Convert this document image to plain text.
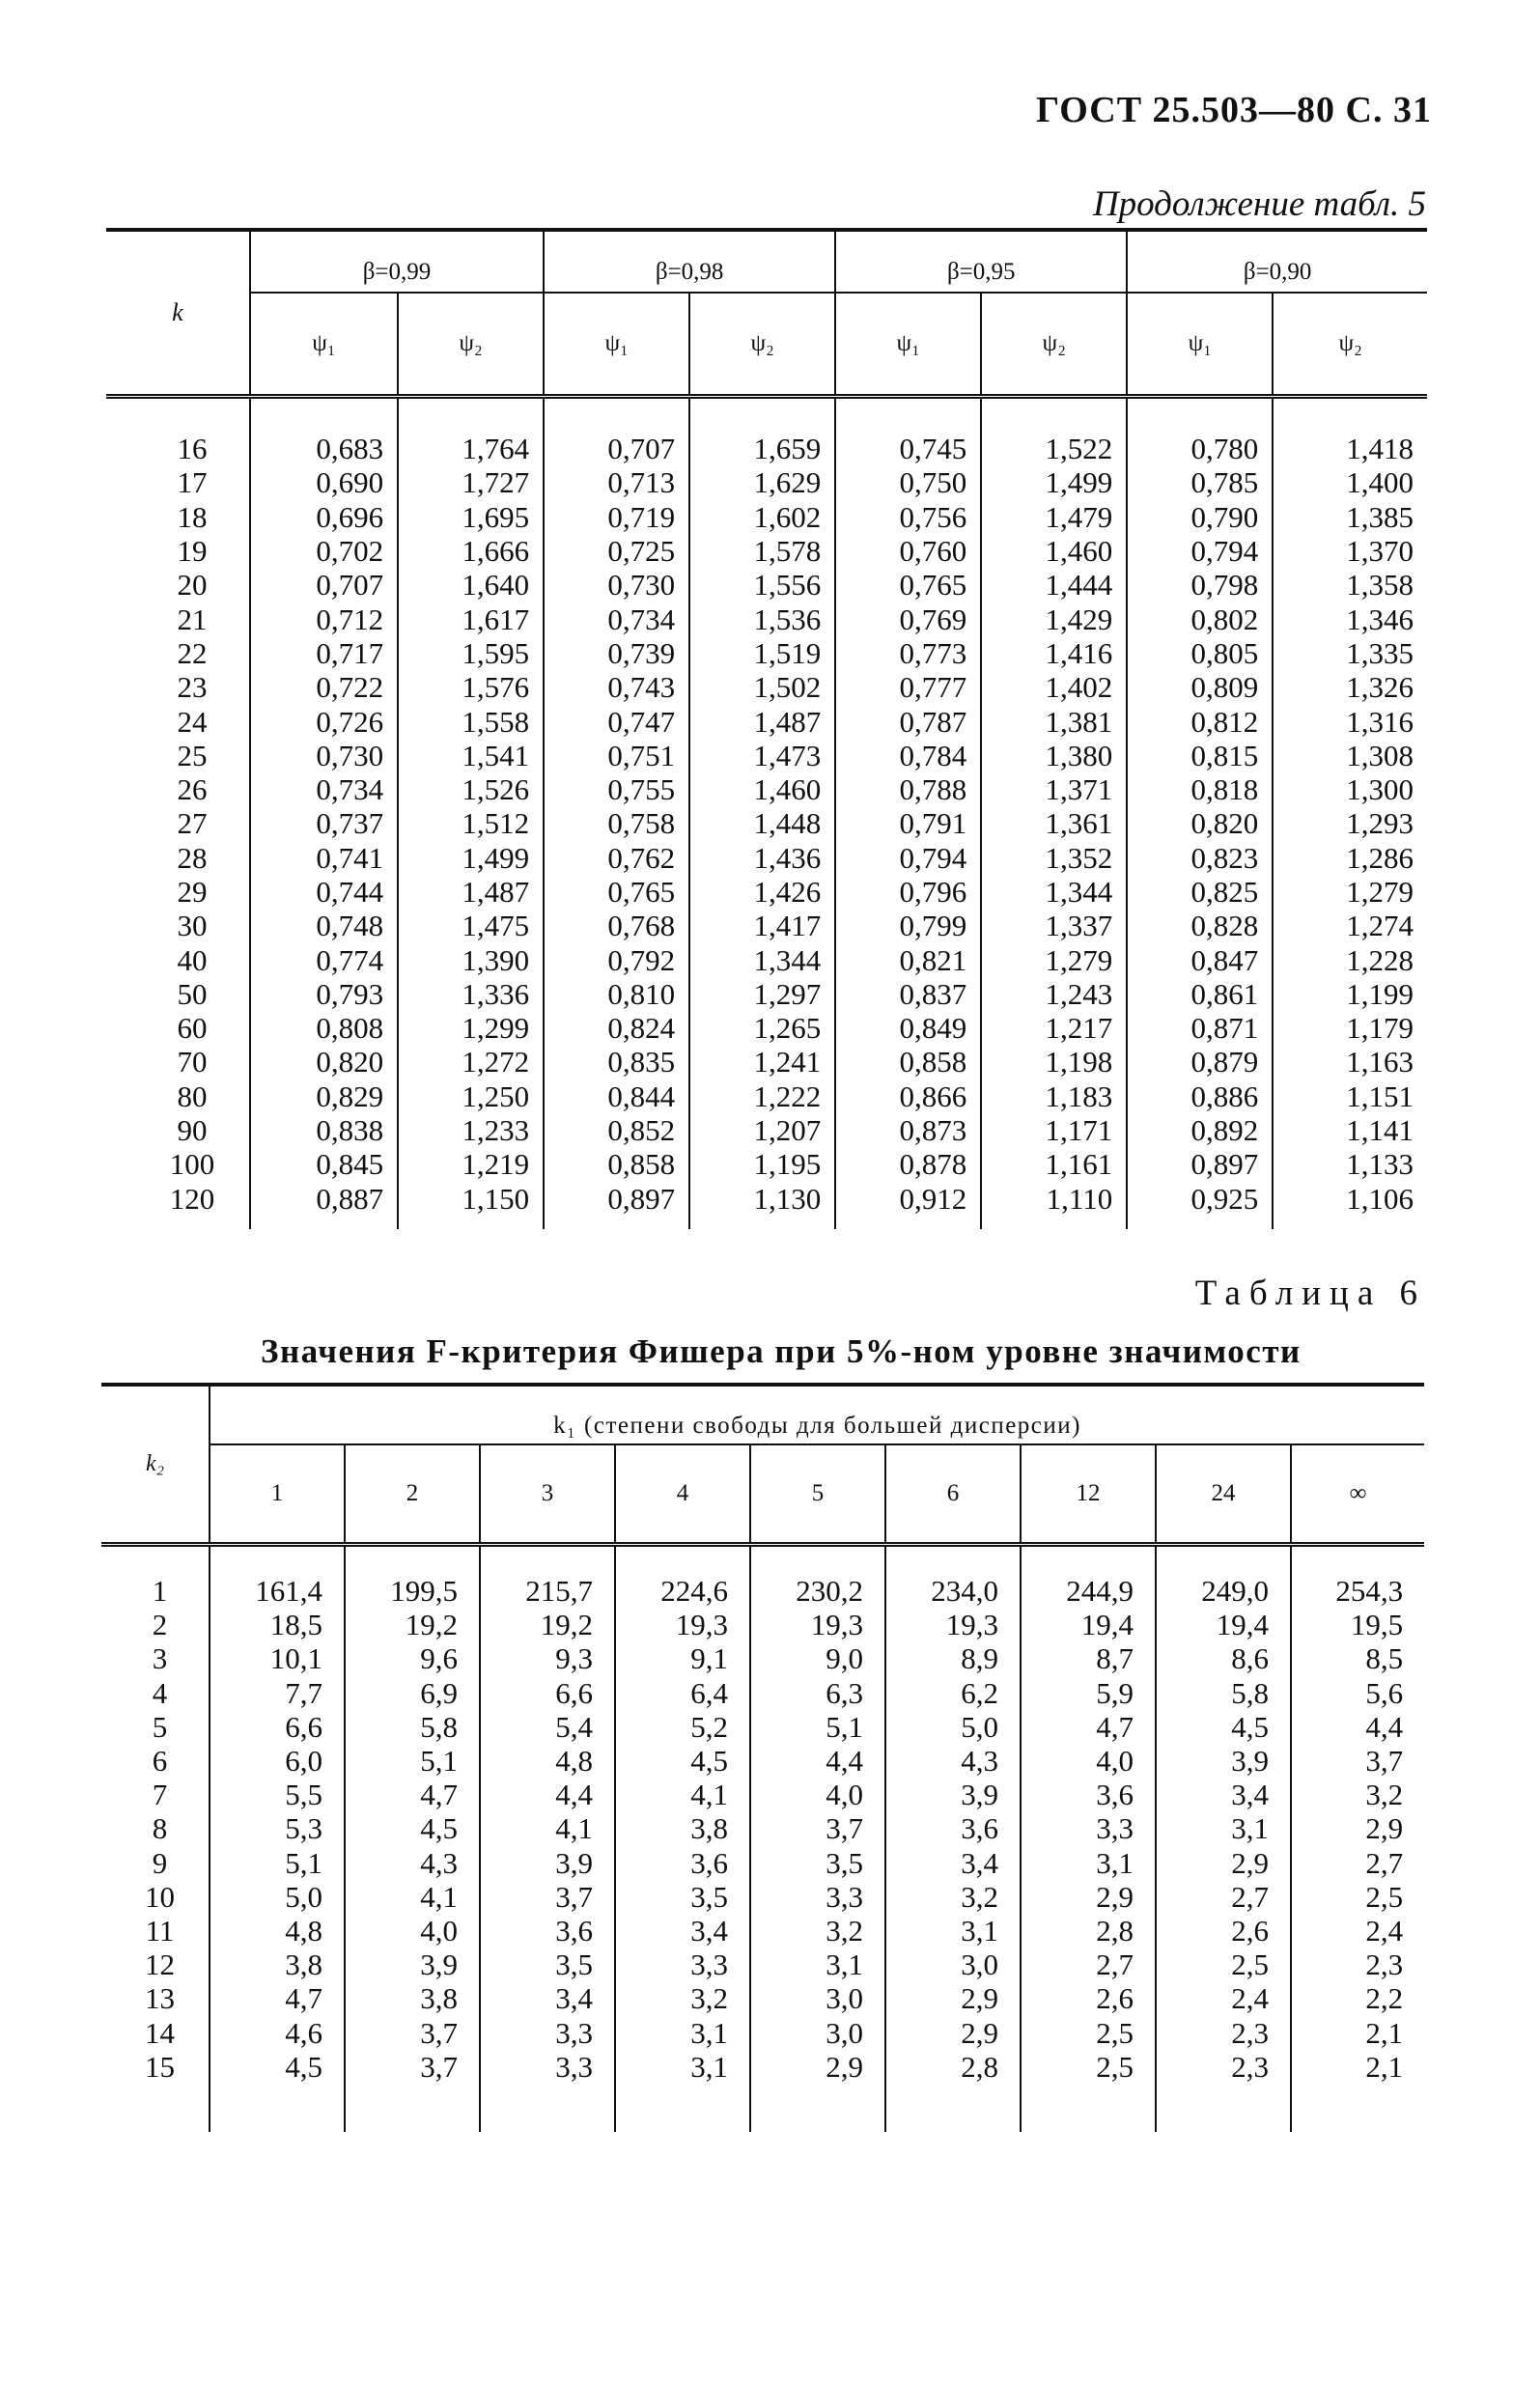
ГОСТ 25.503—80 С. 31
Продолжение табл. 5
k	β=0,99		β=0,98		β=0,95		β=0,90	
	ψ₁	ψ₂	ψ₁	ψ₂	ψ₁	ψ₂	ψ₁	ψ₂
16	0,683	1,764	0,707	1,659	0,745	1,522	0,780	1,418
17	0,690	1,727	0,713	1,629	0,750	1,499	0,785	1,400
18	0,696	1,695	0,719	1,602	0,756	1,479	0,790	1,385
19	0,702	1,666	0,725	1,578	0,760	1,460	0,794	1,370
20	0,707	1,640	0,730	1,556	0,765	1,444	0,798	1,358
21	0,712	1,617	0,734	1,536	0,769	1,429	0,802	1,346
22	0,717	1,595	0,739	1,519	0,773	1,416	0,805	1,335
23	0,722	1,576	0,743	1,502	0,777	1,402	0,809	1,326
24	0,726	1,558	0,747	1,487	0,787	1,381	0,812	1,316
25	0,730	1,541	0,751	1,473	0,784	1,380	0,815	1,308
26	0,734	1,526	0,755	1,460	0,788	1,371	0,818	1,300
27	0,737	1,512	0,758	1,448	0,791	1,361	0,820	1,293
28	0,741	1,499	0,762	1,436	0,794	1,352	0,823	1,286
29	0,744	1,487	0,765	1,426	0,796	1,344	0,825	1,279
30	0,748	1,475	0,768	1,417	0,799	1,337	0,828	1,274
40	0,774	1,390	0,792	1,344	0,821	1,279	0,847	1,228
50	0,793	1,336	0,810	1,297	0,837	1,243	0,861	1,199
60	0,808	1,299	0,824	1,265	0,849	1,217	0,871	1,179
70	0,820	1,272	0,835	1,241	0,858	1,198	0,879	1,163
80	0,829	1,250	0,844	1,222	0,866	1,183	0,886	1,151
90	0,838	1,233	0,852	1,207	0,873	1,171	0,892	1,141
100	0,845	1,219	0,858	1,195	0,878	1,161	0,897	1,133
120	0,887	1,150	0,897	1,130	0,912	1,110	0,925	1,106
Таблица 6
Значения F-критерия Фишера при 5%-ном уровне значимости
k₂	k₁ (степени свободы для большей дисперсии)								
	1	2	3	4	5	6	12	24	∞
1	161,4	199,5	215,7	224,6	230,2	234,0	244,9	249,0	254,3
2	18,5	19,2	19,2	19,3	19,3	19,3	19,4	19,4	19,5
3	10,1	9,6	9,3	9,1	9,0	8,9	8,7	8,6	8,5
4	7,7	6,9	6,6	6,4	6,3	6,2	5,9	5,8	5,6
5	6,6	5,8	5,4	5,2	5,1	5,0	4,7	4,5	4,4
6	6,0	5,1	4,8	4,5	4,4	4,3	4,0	3,9	3,7
7	5,5	4,7	4,4	4,1	4,0	3,9	3,6	3,4	3,2
8	5,3	4,5	4,1	3,8	3,7	3,6	3,3	3,1	2,9
9	5,1	4,3	3,9	3,6	3,5	3,4	3,1	2,9	2,7
10	5,0	4,1	3,7	3,5	3,3	3,2	2,9	2,7	2,5
11	4,8	4,0	3,6	3,4	3,2	3,1	2,8	2,6	2,4
12	3,8	3,9	3,5	3,3	3,1	3,0	2,7	2,5	2,3
13	4,7	3,8	3,4	3,2	3,0	2,9	2,6	2,4	2,2
14	4,6	3,7	3,3	3,1	3,0	2,9	2,5	2,3	2,1
15	4,5	3,7	3,3	3,1	2,9	2,8	2,5	2,3	2,1
